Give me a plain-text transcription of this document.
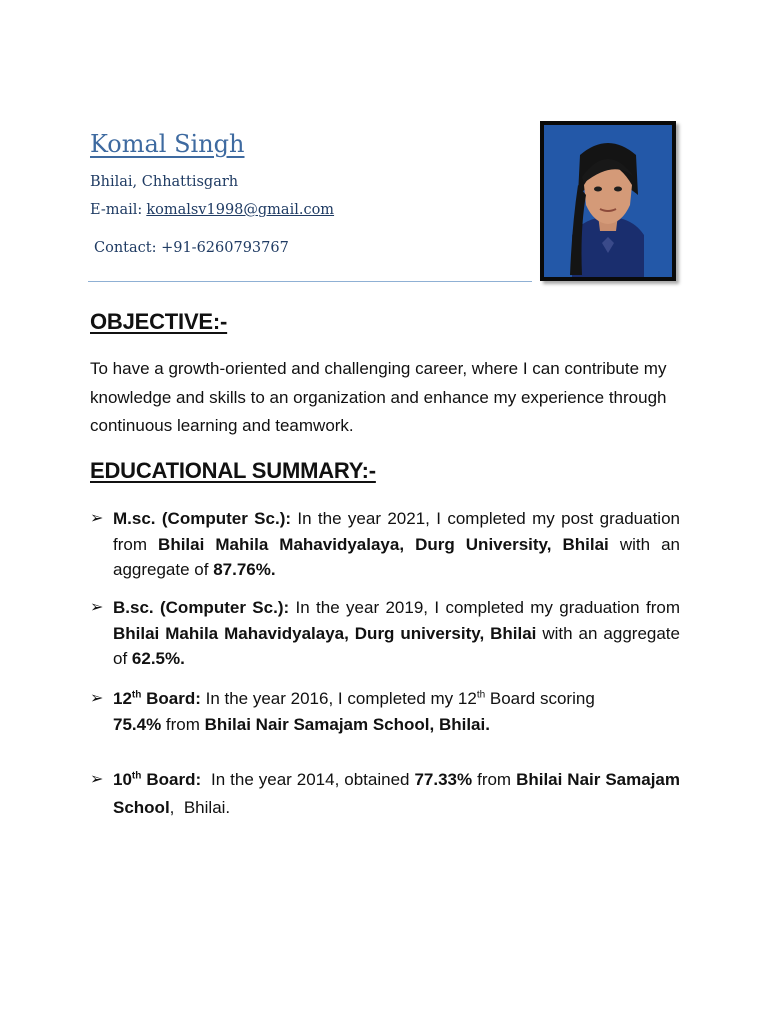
Komal Singh
Bhilai, Chhattisgarh
E-mail: komalsv1998@gmail.com
Contact: +91-6260793767
OBJECTIVE:-

To have a growth-oriented and challenging career, where I can contribute my knowledge and skills to an organization and enhance my experience through continuous learning and teamwork.

EDUCATIONAL SUMMARY:-
➢ M.sc. (Computer Sc.): In the year 2021, I completed my post graduation from Bhilai Mahila Mahavidyalaya, Durg University, Bhilai with an aggregate of 87.76%.
➢ B.sc. (Computer Sc.): In the year 2019, I completed my graduation from Bhilai Mahila Mahavidyalaya, Durg university, Bhilai with an aggregate of 62.5%.
➢ 12th Board: In the year 2016, I completed my 12th Board scoring
75.4% from Bhilai Nair Samajam School, Bhilai.
➢ 10th Board:  In the year 2014, obtained 77.33% from Bhilai Nair Samajam School,  Bhilai.
